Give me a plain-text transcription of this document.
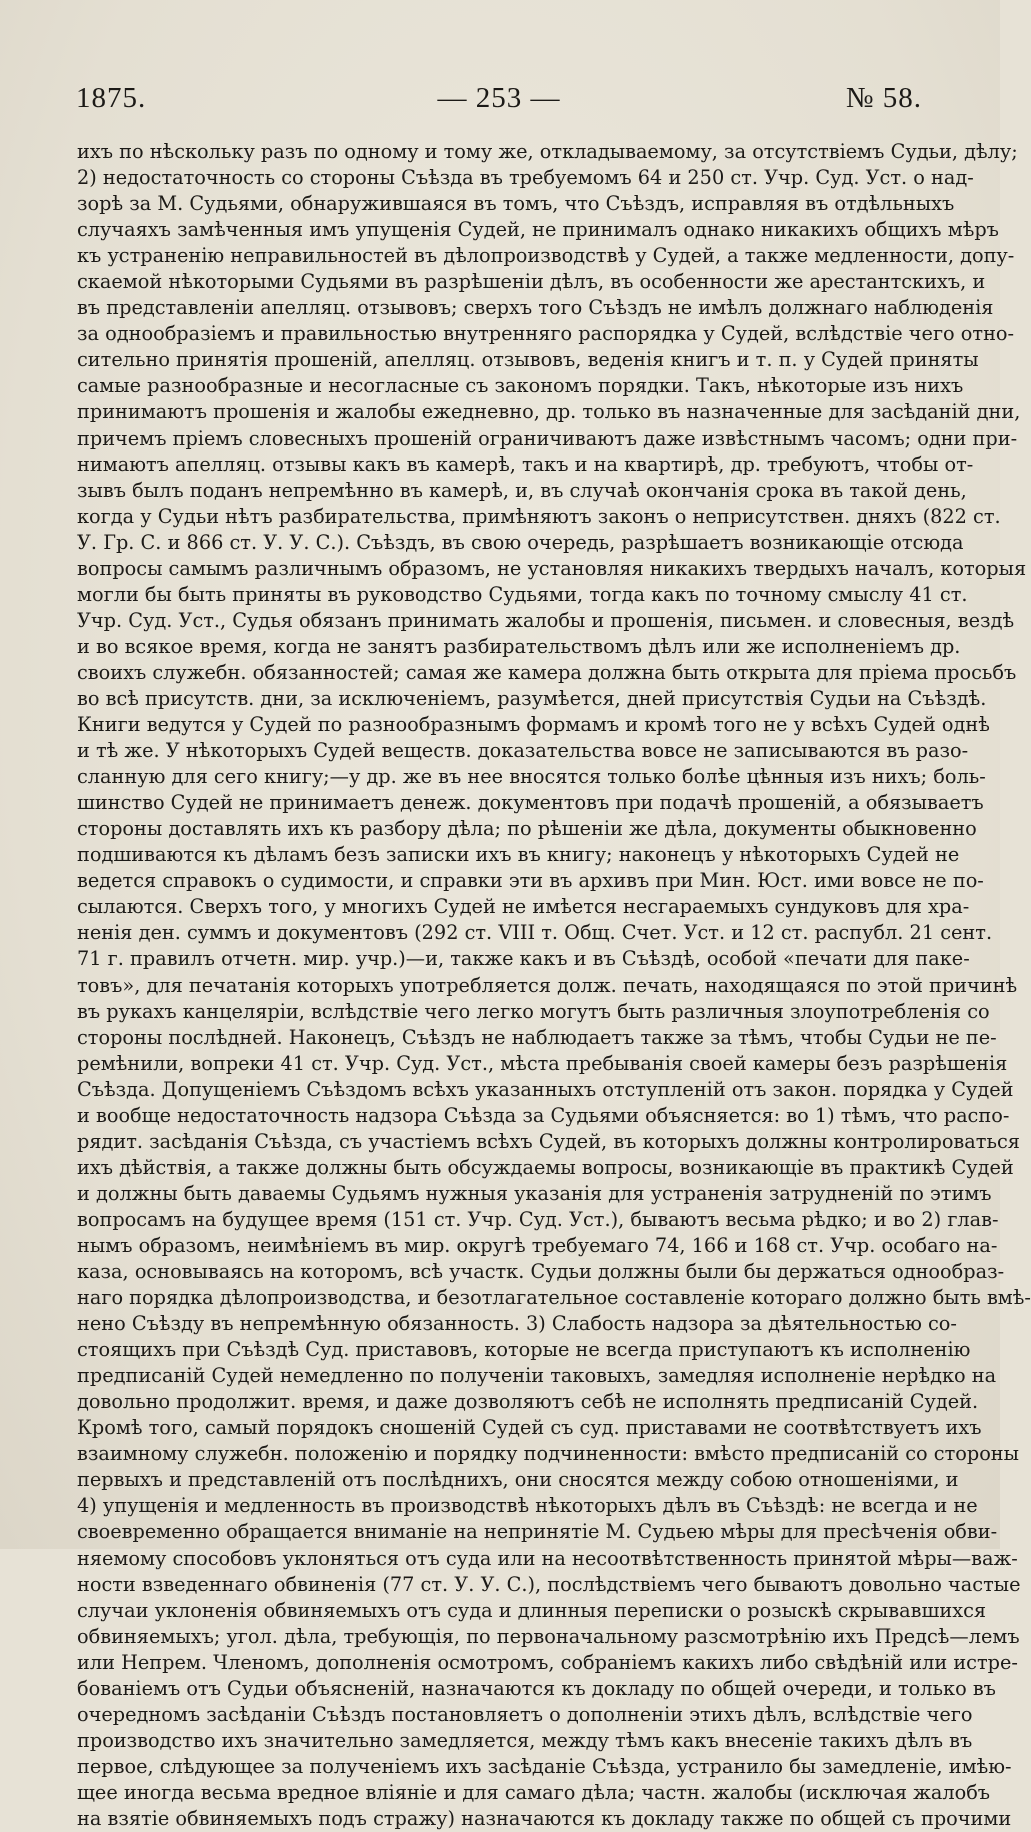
1875.	— 253 —	№ 58.
ихъ по нѣскольку разъ по одному и тому же, откладываемому, за отсутствіемъ Судьи, дѣлу;
2) недостаточность со стороны Съѣзда въ требуемомъ 64 и 250 ст. Учр. Суд. Уст. о над-
зорѣ за М. Судьями, обнаружившаяся въ томъ, что Съѣздъ, исправляя въ отдѣльныхъ
случаяхъ замѣченныя имъ упущенія Судей, не принималъ однако никакихъ общихъ мѣръ
къ устраненію неправильностей въ дѣлопроизводствѣ у Судей, а также медленности, допу-
скаемой нѣкоторыми Судьями въ разрѣшеніи дѣлъ, въ особенности же арестантскихъ, и
въ представленіи апелляц. отзывовъ; сверхъ того Съѣздъ не имѣлъ должнаго наблюденія
за однообразіемъ и правильностью внутренняго распорядка у Судей, вслѣдствіе чего отно-
сительно принятія прошеній, апелляц. отзывовъ, веденія книгъ и т. п. у Судей приняты
самые разнообразные и несогласные съ закономъ порядки. Такъ, нѣкоторые изъ нихъ
принимаютъ прошенія и жалобы ежедневно, др. только въ назначенные для засѣданій дни,
причемъ пріемъ словесныхъ прошеній ограничиваютъ даже извѣстнымъ часомъ; одни при-
нимаютъ апелляц. отзывы какъ въ камерѣ, такъ и на квартирѣ, др. требуютъ, чтобы от-
зывъ былъ поданъ непремѣнно въ камерѣ, и, въ случаѣ окончанія срока въ такой день,
когда у Судьи нѣтъ разбирательства, примѣняютъ законъ о неприсутствен. дняхъ (822 ст.
У. Гр. С. и 866 ст. У. У. С.). Съѣздъ, въ свою очередь, разрѣшаетъ возникающіе отсюда
вопросы самымъ различнымъ образомъ, не установляя никакихъ твердыхъ началъ, которыя
могли бы быть приняты въ руководство Судьями, тогда какъ по точному смыслу 41 ст.
Учр. Суд. Уст., Судья обязанъ принимать жалобы и прошенія, письмен. и словесныя, вездѣ
и во всякое время, когда не занятъ разбирательствомъ дѣлъ или же исполненіемъ др.
своихъ служебн. обязанностей; самая же камера должна быть открыта для пріема просьбъ
во всѣ присутств. дни, за исключеніемъ, разумѣется, дней присутствія Судьи на Съѣздѣ.
Книги ведутся у Судей по разнообразнымъ формамъ и кромѣ того не у всѣхъ Судей однѣ
и тѣ же. У нѣкоторыхъ Судей веществ. доказательства вовсе не записываются въ разо-
сланную для сего книгу;—у др. же въ нее вносятся только болѣе цѣнныя изъ нихъ; боль-
шинство Судей не принимаетъ денеж. документовъ при подачѣ прошеній, а обязываетъ
стороны доставлять ихъ къ разбору дѣла; по рѣшеніи же дѣла, документы обыкновенно
подшиваются къ дѣламъ безъ записки ихъ въ книгу; наконецъ у нѣкоторыхъ Судей не
ведется справокъ о судимости, и справки эти въ архивъ при Мин. Юст. ими вовсе не по-
сылаются. Сверхъ того, у многихъ Судей не имѣется несгараемыхъ сундуковъ для хра-
ненія ден. суммъ и документовъ (292 ст. VIII т. Общ. Счет. Уст. и 12 ст. распубл. 21 сент.
71 г. правилъ отчетн. мир. учр.)—и, также какъ и въ Съѣздѣ, особой «печати для паке-
товъ», для печатанія которыхъ употребляется долж. печать, находящаяся по этой причинѣ
въ рукахъ канцеляріи, вслѣдствіе чего легко могутъ быть различныя злоупотребленія со
стороны послѣдней. Наконецъ, Съѣздъ не наблюдаетъ также за тѣмъ, чтобы Судьи не пе-
ремѣнили, вопреки 41 ст. Учр. Суд. Уст., мѣста пребыванія своей камеры безъ разрѣшенія
Съѣзда. Допущеніемъ Съѣздомъ всѣхъ указанныхъ отступленій отъ закон. порядка у Судей
и вообще недостаточность надзора Съѣзда за Судьями объясняется: во 1) тѣмъ, что распо-
рядит. засѣданія Съѣзда, съ участіемъ всѣхъ Судей, въ которыхъ должны контролироваться
ихъ дѣйствія, а также должны быть обсуждаемы вопросы, возникающіе въ практикѣ Судей
и должны быть даваемы Судьямъ нужныя указанія для устраненія затрудненій по этимъ
вопросамъ на будущее время (151 ст. Учр. Суд. Уст.), бываютъ весьма рѣдко; и во 2) глав-
нымъ образомъ, неимѣніемъ въ мир. округѣ требуемаго 74, 166 и 168 ст. Учр. особаго на-
каза, основываясь на которомъ, всѣ участк. Судьи должны были бы держаться однообраз-
наго порядка дѣлопроизводства, и безотлагательное составленіе котораго должно быть вмѣ-
нено Съѣзду въ непремѣнную обязанность. 3) Слабость надзора за дѣятельностью со-
стоящихъ при Съѣздѣ Суд. приставовъ, которые не всегда приступаютъ къ исполненію
предписаній Судей немедленно по полученіи таковыхъ, замедляя исполненіе нерѣдко на
довольно продолжит. время, и даже дозволяютъ себѣ не исполнять предписаній Судей.
Кромѣ того, самый порядокъ сношеній Судей съ суд. приставами не соотвѣтствуетъ ихъ
взаимному служебн. положенію и порядку подчиненности: вмѣсто предписаній со стороны
первыхъ и представленій отъ послѣднихъ, они сносятся между собою отношеніями, и
4) упущенія и медленность въ производствѣ нѣкоторыхъ дѣлъ въ Съѣздѣ: не всегда и не
своевременно обращается вниманіе на непринятіе М. Судьею мѣры для пресѣченія обви-
няемому способовъ уклоняться отъ суда или на несоотвѣтственность принятой мѣры—важ-
ности взведеннаго обвиненія (77 ст. У. У. С.), послѣдствіемъ чего бываютъ довольно частые
случаи уклоненія обвиняемыхъ отъ суда и длинныя переписки о розыскѣ скрывавшихся
обвиняемыхъ; угол. дѣла, требующія, по первоначальному разсмотрѣнію ихъ Предсѣ—лемъ
или Непрем. Членомъ, дополненія осмотромъ, собраніемъ какихъ либо свѣдѣній или истре-
бованіемъ отъ Судьи объясненій, назначаются къ докладу по общей очереди, и только въ
очередномъ засѣданіи Съѣздъ постановляетъ о дополненіи этихъ дѣлъ, вслѣдствіе чего
производство ихъ значительно замедляется, между тѣмъ какъ внесеніе такихъ дѣлъ въ
первое, слѣдующее за полученіемъ ихъ засѣданіе Съѣзда, устранило бы замедленіе, имѣю-
щее иногда весьма вредное вліяніе и для самаго дѣла; частн. жалобы (исключая жалобъ
на взятіе обвиняемыхъ подъ стражу) назначаются къ докладу также по общей съ прочими
